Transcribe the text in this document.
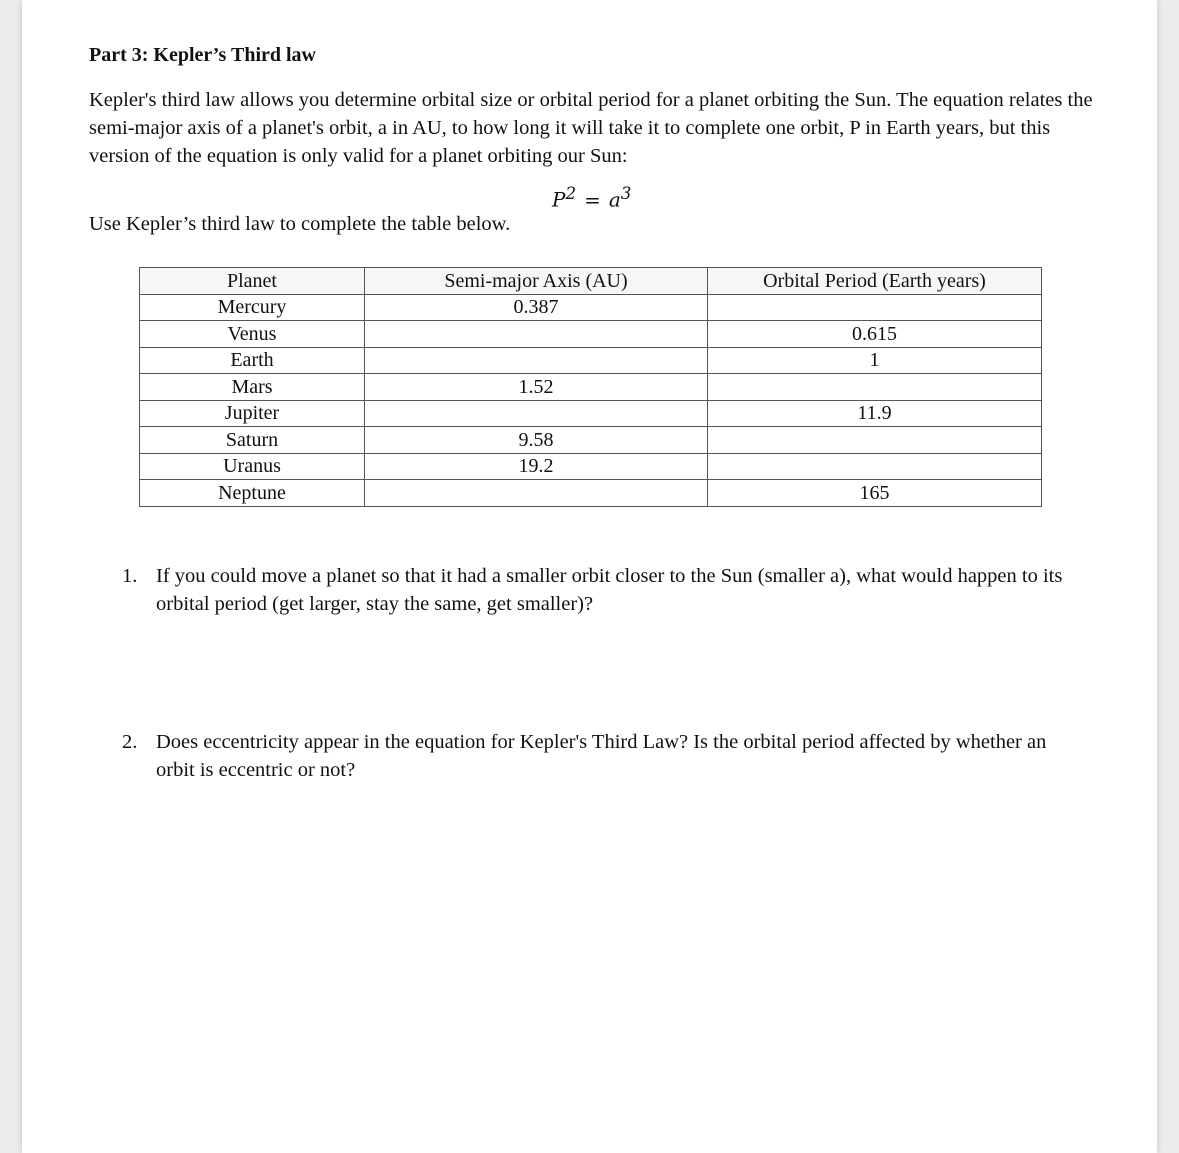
Part 3: Kepler’s Third law

Kepler's third law allows you determine orbital size or orbital period for a planet orbiting the Sun. The equation relates the semi-major axis of a planet's orbit, a in AU, to how long it will take it to complete one orbit, P in Earth years, but this version of the equation is only valid for a planet orbiting our Sun:

$P^2 = a^3$

Use Kepler’s third law to complete the table below.

Planet	Semi-major Axis (AU)	Orbital Period (Earth years)
Mercury	0.387	
Venus		0.615
Earth		1
Mars	1.52	
Jupiter		11.9
Saturn	9.58	
Uranus	19.2	
Neptune		165
1. If you could move a planet so that it had a smaller orbit closer to the Sun (smaller a), what would happen to its orbital period (get larger, stay the same, get smaller)?
2. Does eccentricity appear in the equation for Kepler's Third Law? Is the orbital period affected by whether an orbit is eccentric or not?
